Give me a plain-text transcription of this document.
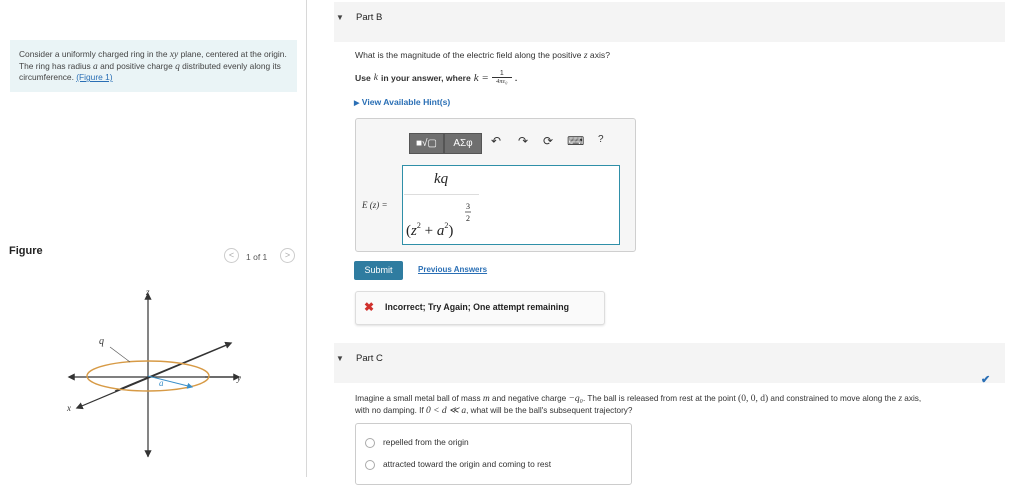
Consider a uniformly charged ring in the xy plane, centered at the origin. The ring has radius a and positive charge q distributed evenly along its circumference. (Figure 1)
Figure	<	1 of 1	>
z
q
a	y
x
▼ Part B
What is the magnitude of the electric field along the positive z axis?
Use k in your answer, where k = 1
4πε₀ .
▶ View Available Hint(s)
■√▢	ΑΣφ	↶ ↷ ⟳ ⌨ ?
E (z) =
kq
$(z^2 + a^2)$
3
2
Submit	Previous Answers
✖ Incorrect; Try Again; One attempt remaining
▼ Part C
✔
Imagine a small metal ball of mass m and negative charge −q₀. The ball is released from rest at the point (0, 0, d) and constrained to move along the z axis,
with no damping. If 0 < d ≪ a, what will be the ball's subsequent trajectory?
repelled from the origin
attracted toward the origin and coming to rest
